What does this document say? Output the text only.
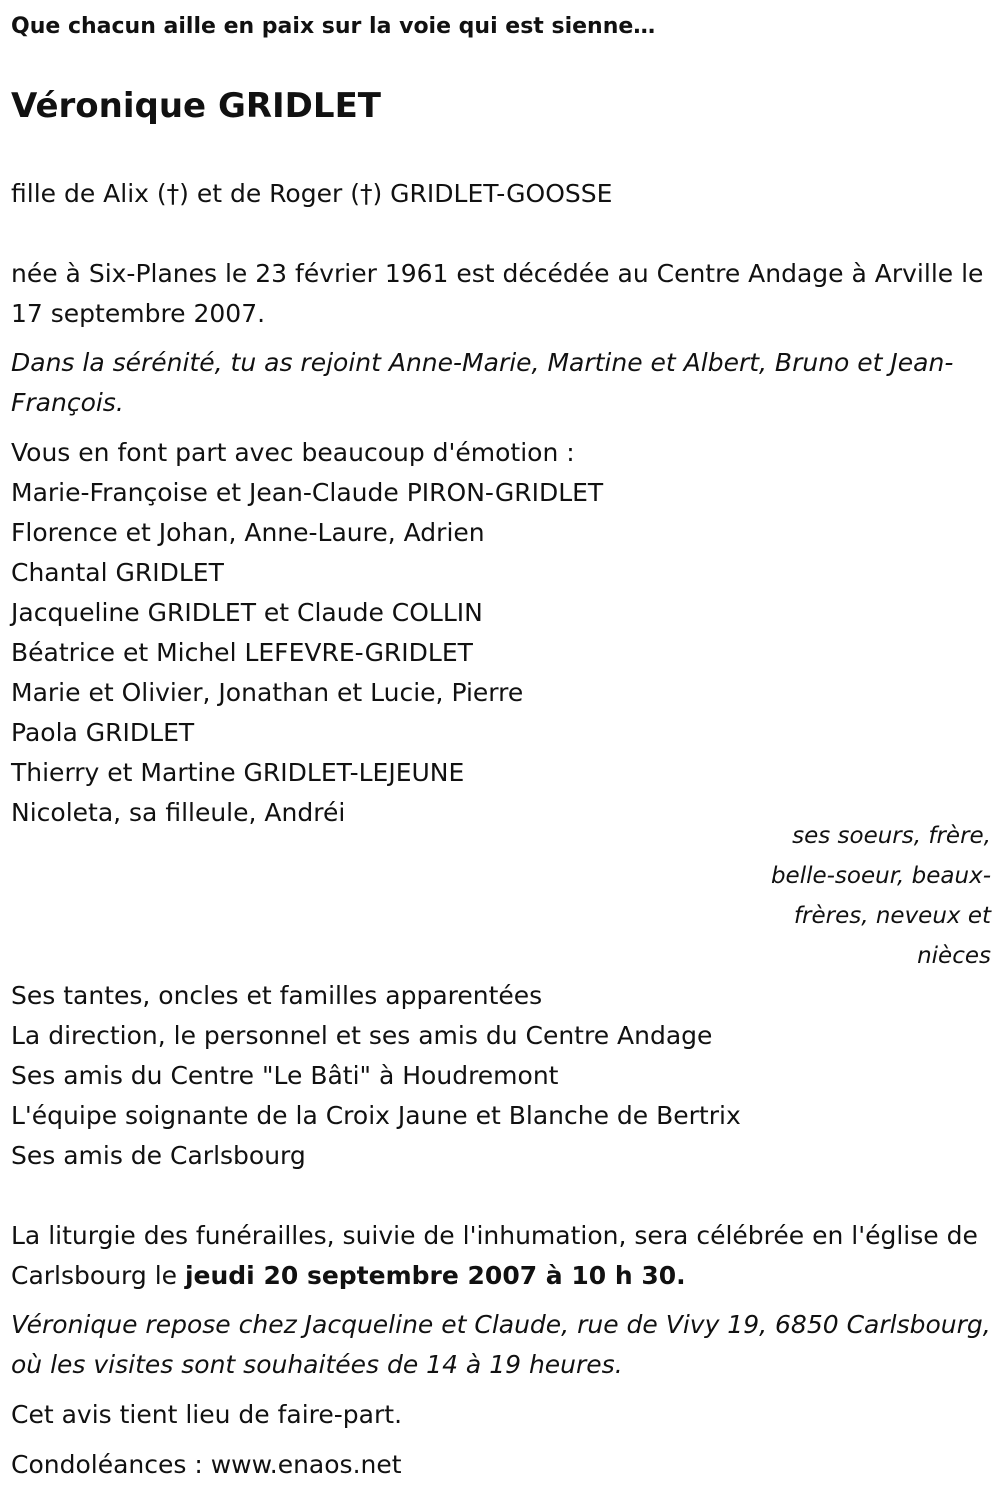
Que chacun aille en paix sur la voie qui est sienne…
Véronique GRIDLET

fille de Alix (†) et de Roger (†) GRIDLET-GOOSSE

née à Six-Planes le 23 février 1961 est décédée au Centre Andage à Arville le 17 septembre 2007.

Dans la sérénité, tu as rejoint Anne-Marie, Martine et Albert, Bruno et Jean-François.

Vous en font part avec beaucoup d'émotion :

Marie-Françoise et Jean-Claude PIRON-GRIDLET

Florence et Johan, Anne-Laure, Adrien

Chantal GRIDLET

Jacqueline GRIDLET et Claude COLLIN

Béatrice et Michel LEFEVRE-GRIDLET

Marie et Olivier, Jonathan et Lucie, Pierre

Paola GRIDLET

Thierry et Martine GRIDLET-LEJEUNE

Nicoleta, sa filleule, Andréi

ses soeurs, frère, belle-soeur, beaux-frères, neveux et nièces

Ses tantes, oncles et familles apparentées

La direction, le personnel et ses amis du Centre Andage

Ses amis du Centre "Le Bâti" à Houdremont

L'équipe soignante de la Croix Jaune et Blanche de Bertrix

Ses amis de Carlsbourg

La liturgie des funérailles, suivie de l'inhumation, sera célébrée en l'église de Carlsbourg le jeudi 20 septembre 2007 à 10 h 30.

Véronique repose chez Jacqueline et Claude, rue de Vivy 19, 6850 Carlsbourg, où les visites sont souhaitées de 14 à 19 heures.

Cet avis tient lieu de faire-part.

Condoléances : www.enaos.net
